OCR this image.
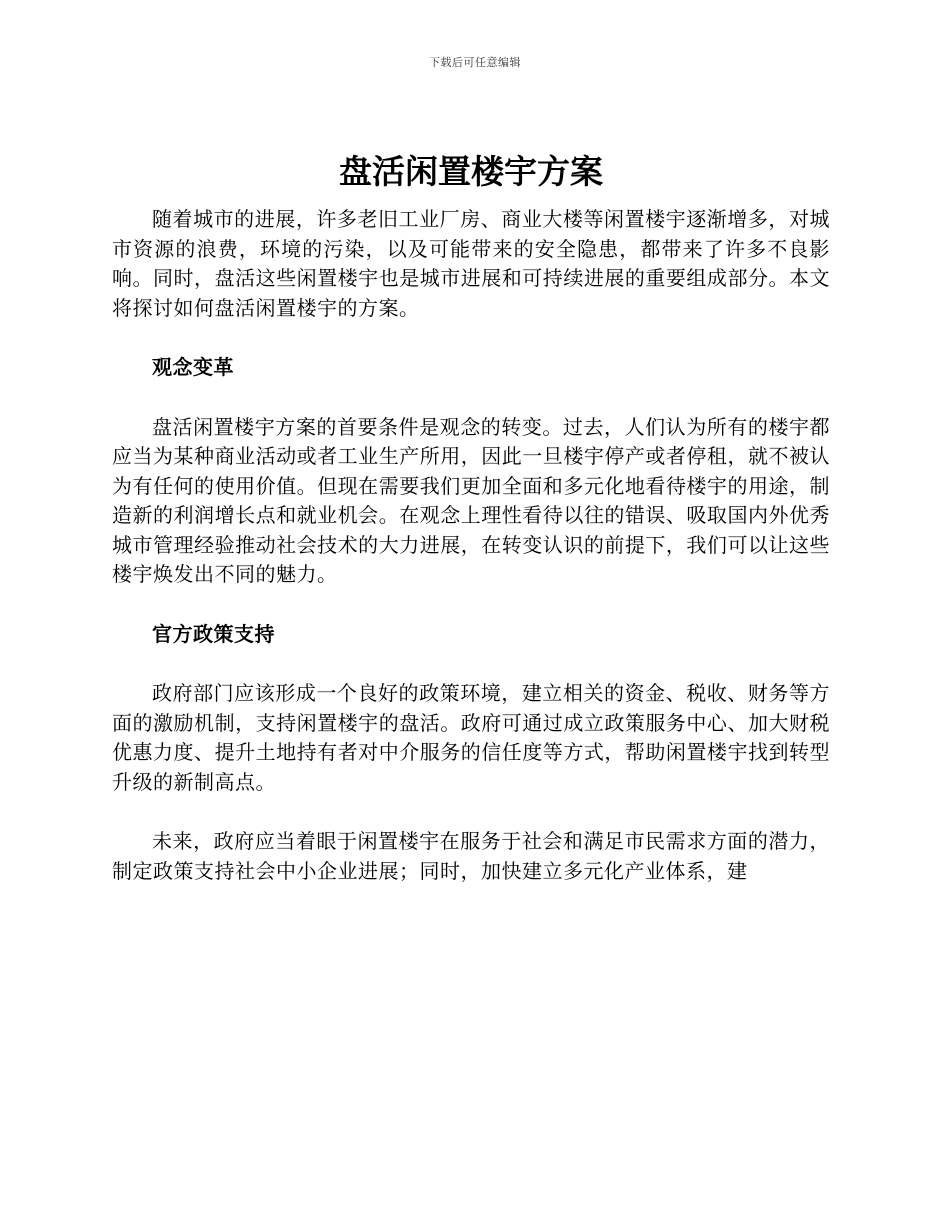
下载后可任意编辑
盘活闲置楼宇方案

随着城市的进展，许多老旧工业厂房、商业大楼等闲置楼宇逐渐增多，对城市资源的浪费，环境的污染，以及可能带来的安全隐患，都带来了许多不良影响。同时，盘活这些闲置楼宇也是城市进展和可持续进展的重要组成部分。本文将探讨如何盘活闲置楼宇的方案。

观念变革

盘活闲置楼宇方案的首要条件是观念的转变。过去，人们认为所有的楼宇都应当为某种商业活动或者工业生产所用，因此一旦楼宇停产或者停租，就不被认为有任何的使用价值。但现在需要我们更加全面和多元化地看待楼宇的用途，制造新的利润增长点和就业机会。在观念上理性看待以往的错误、吸取国内外优秀城市管理经验推动社会技术的大力进展，在转变认识的前提下，我们可以让这些楼宇焕发出不同的魅力。

官方政策支持

政府部门应该形成一个良好的政策环境，建立相关的资金、税收、财务等方面的激励机制，支持闲置楼宇的盘活。政府可通过成立政策服务中心、加大财税优惠力度、提升土地持有者对中介服务的信任度等方式，帮助闲置楼宇找到转型升级的新制高点。

未来，政府应当着眼于闲置楼宇在服务于社会和满足市民需求方面的潜力，制定政策支持社会中小企业进展；同时，加快建立多元化产业体系，建
